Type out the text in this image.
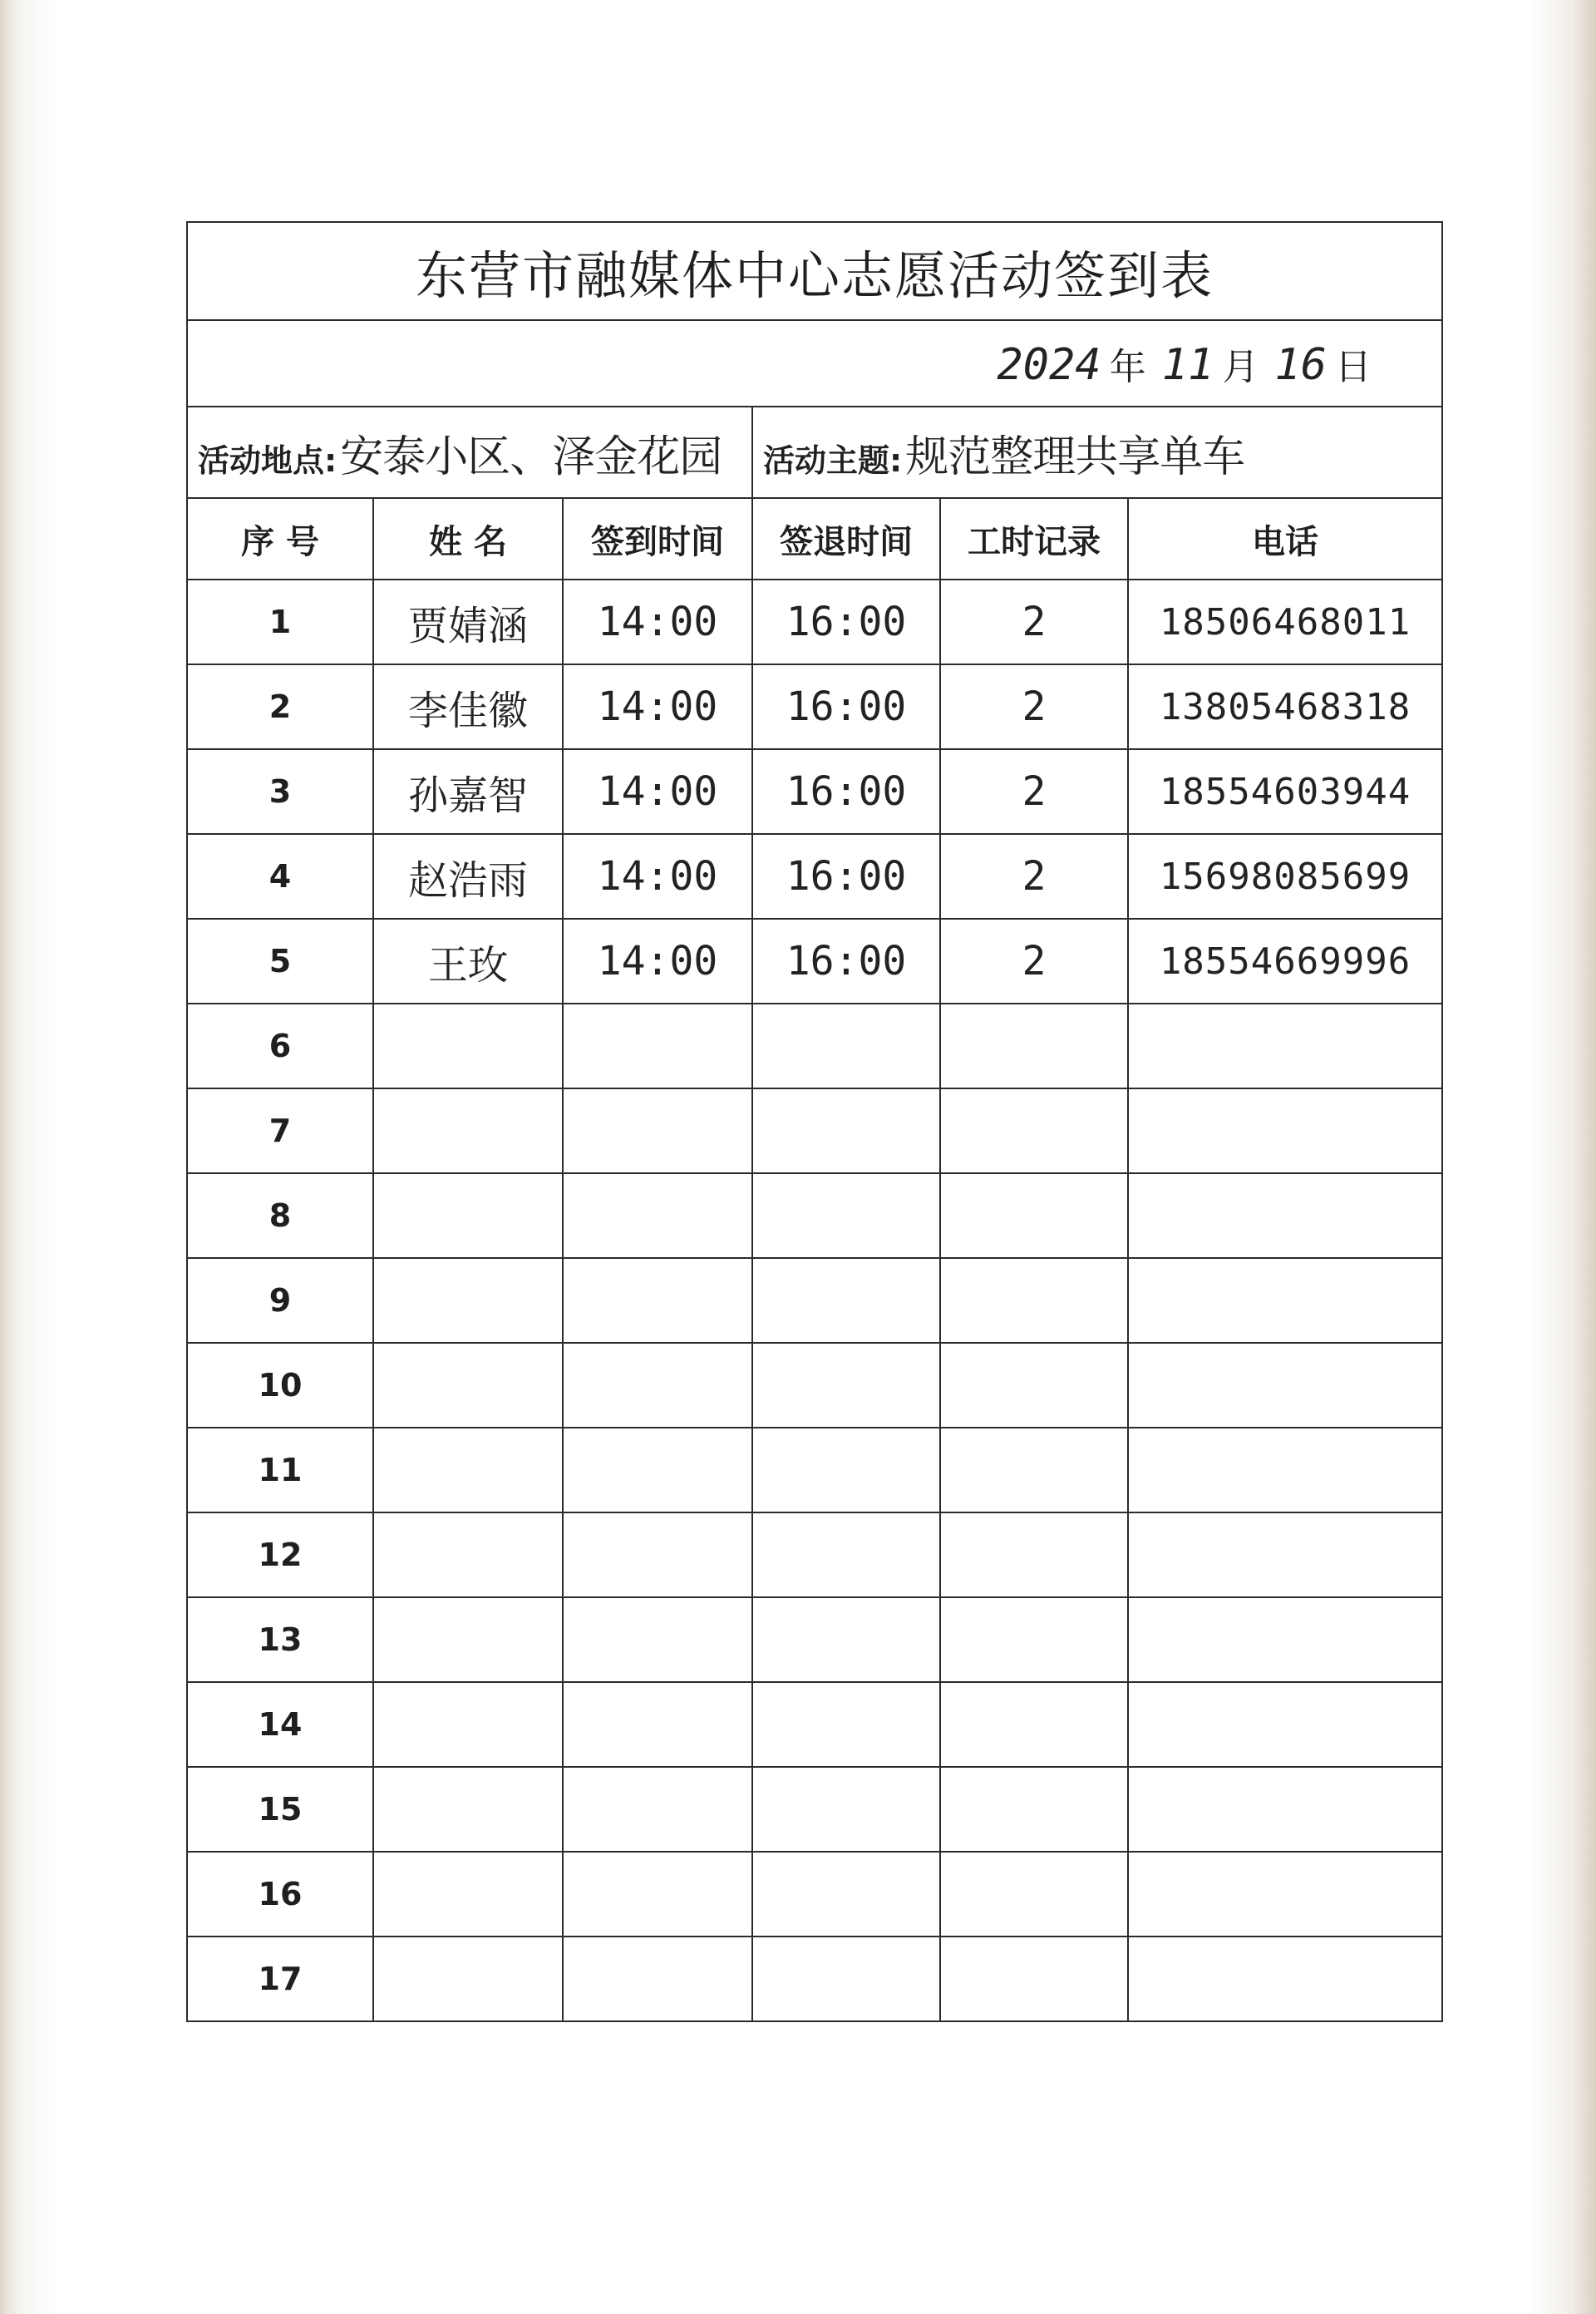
东营市融媒体中心志愿活动签到表					
2024 年 11 月 16 日					
活动地点:安泰小区、泽金花园			活动主题:规范整理共享单车		
序 号	姓 名	签到时间	签退时间	工时记录	电话
1	贾婧涵	14:00	16:00	2	18506468011
2	李佳徽	14:00	16:00	2	13805468318
3	孙嘉智	14:00	16:00	2	18554603944
4	赵浩雨	14:00	16:00	2	15698085699
5	王玫	14:00	16:00	2	18554669996
6					
7					
8					
9					
10					
11					
12					
13					
14					
15					
16					
17					
